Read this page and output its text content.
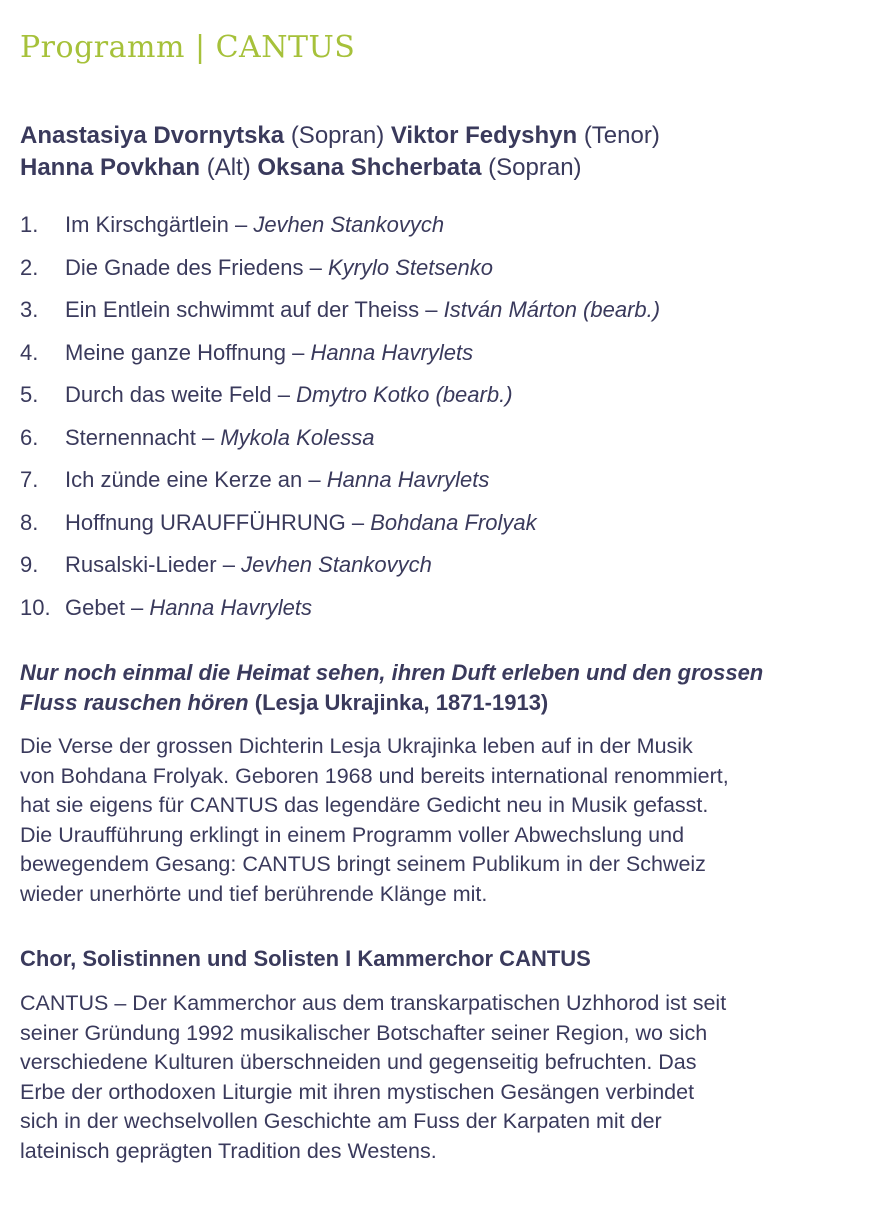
Programm | CANTUS
Anastasiya Dvornytska (Sopran) Viktor Fedyshyn (Tenor)
Hanna Povkhan (Alt) Oksana Shcherbata (Sopran)
1. Im Kirschgärtlein – Jevhen Stankovych
2. Die Gnade des Friedens – Kyrylo Stetsenko
3. Ein Entlein schwimmt auf der Theiss – István Márton (bearb.)
4. Meine ganze Hoffnung – Hanna Havrylets
5. Durch das weite Feld – Dmytro Kotko (bearb.)
6. Sternennacht – Mykola Kolessa
7. Ich zünde eine Kerze an – Hanna Havrylets
8. Hoffnung URAUFFÜHRUNG – Bohdana Frolyak
9. Rusalski-Lieder – Jevhen Stankovych
10. Gebet – Hanna Havrylets
Nur noch einmal die Heimat sehen, ihren Duft erleben und den grossen
Fluss rauschen hören (Lesja Ukrajinka, 1871-1913)
Die Verse der grossen Dichterin Lesja Ukrajinka leben auf in der Musik
von Bohdana Frolyak. Geboren 1968 und bereits international renommiert,
hat sie eigens für CANTUS das legendäre Gedicht neu in Musik gefasst.
Die Uraufführung erklingt in einem Programm voller Abwechslung und
bewegendem Gesang: CANTUS bringt seinem Publikum in der Schweiz
wieder unerhörte und tief berührende Klänge mit.
Chor, Solistinnen und Solisten I Kammerchor CANTUS
CANTUS – Der Kammerchor aus dem transkarpatischen Uzhhorod ist seit
seiner Gründung 1992 musikalischer Botschafter seiner Region, wo sich
verschiedene Kulturen überschneiden und gegenseitig befruchten. Das
Erbe der orthodoxen Liturgie mit ihren mystischen Gesängen verbindet
sich in der wechselvollen Geschichte am Fuss der Karpaten mit der
lateinisch geprägten Tradition des Westens.
